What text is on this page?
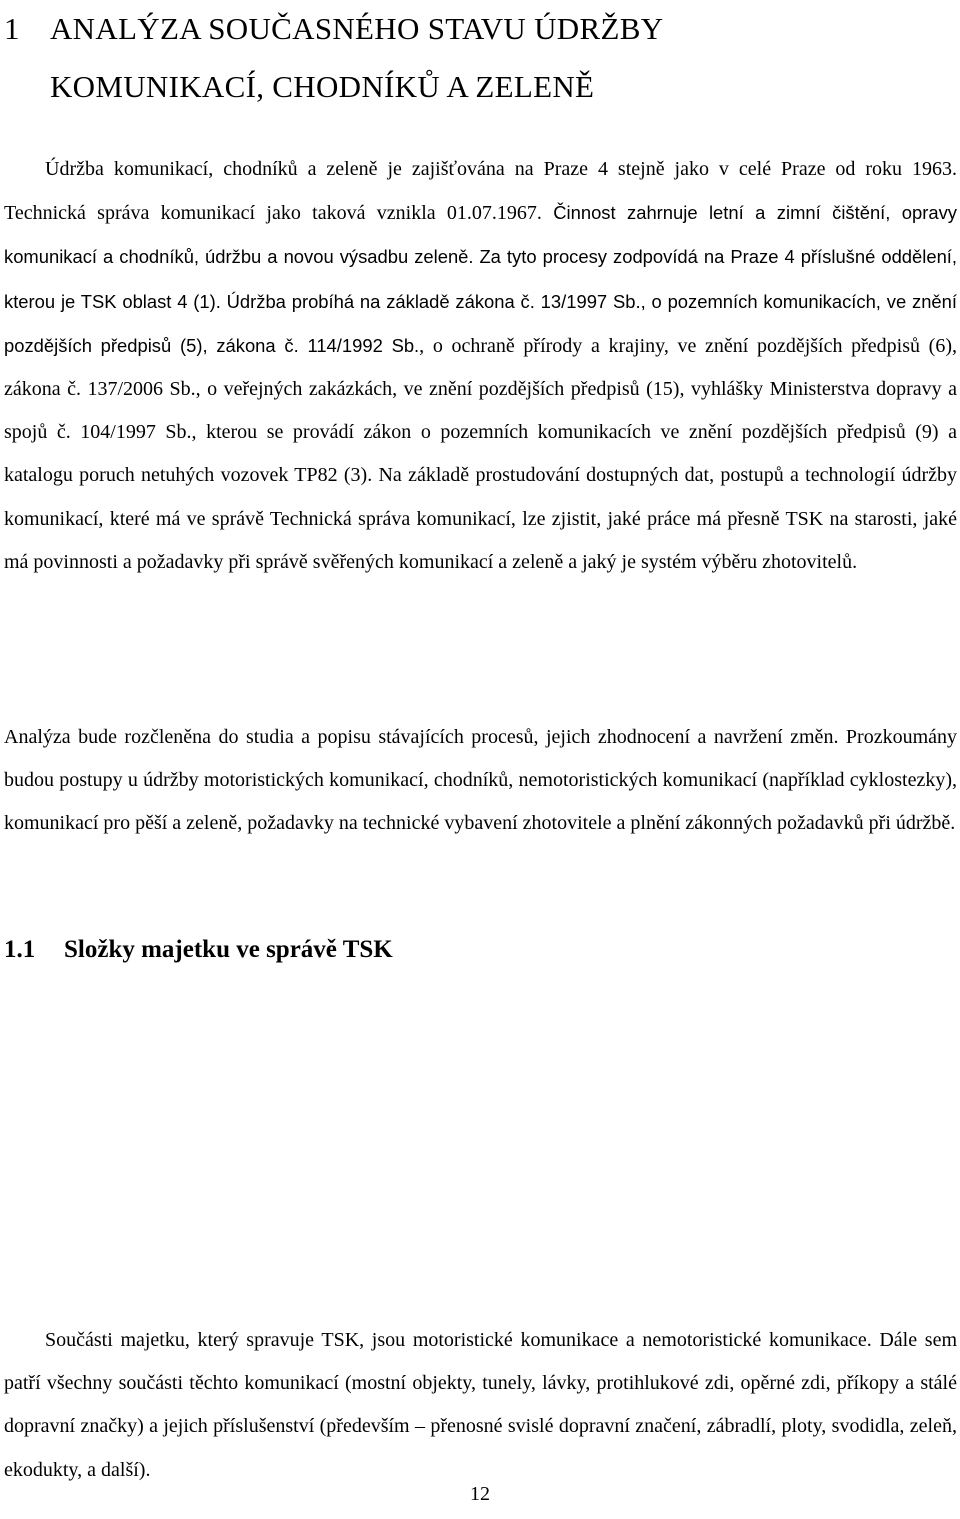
1 ANALÝZA SOUČASNÉHO STAVU ÚDRŽBY
KOMUNIKACÍ, CHODNÍKŮ A ZELENĚ

Údržba komunikací, chodníků a zeleně je zajišťována na Praze 4 stejně jako v celé Praze od roku 1963. Technická správa komunikací jako taková vznikla 01.07.1967. Činnost zahrnuje letní a zimní čištění, opravy komunikací a chodníků, údržbu a novou výsadbu zeleně. Za tyto procesy zodpovídá na Praze 4 příslušné oddělení, kterou je TSK oblast 4 (1). Údržba probíhá na základě zákona č. 13/1997 Sb., o pozemních komunikacích, ve znění pozdějších předpisů (5), zákona č. 114/1992 Sb., o ochraně přírody a krajiny, ve znění pozdějších předpisů (6), zákona č. 137/2006 Sb., o veřejných zakázkách, ve znění pozdějších předpisů (15), vyhlášky Ministerstva dopravy a spojů č. 104/1997 Sb., kterou se provádí zákon o pozemních komunikacích ve znění pozdějších předpisů (9) a katalogu poruch netuhých vozovek TP82 (3). Na základě prostudování dostupných dat, postupů a technologií údržby komunikací, které má ve správě Technická správa komunikací, lze zjistit, jaké práce má přesně TSK na starosti, jaké má povinnosti a požadavky při správě svěřených komunikací a zeleně a jaký je systém výběru zhotovitelů.

Analýza bude rozčleněna do studia a popisu stávajících procesů, jejich zhodnocení a navržení změn. Prozkoumány budou postupy u údržby motoristických komunikací, chodníků, nemotoristických komunikací (například cyklostezky), komunikací pro pěší a zeleně, požadavky na technické vybavení zhotovitele a plnění zákonných požadavků při údržbě.

1.1 Složky majetku ve správě TSK

Součásti majetku, který spravuje TSK, jsou motoristické komunikace a nemotoristické komunikace. Dále sem patří všechny součásti těchto komunikací (mostní objekty, tunely, lávky, protihlukové zdi, opěrné zdi, příkopy a stálé dopravní značky) a jejich příslušenství (především – přenosné svislé dopravní značení, zábradlí, ploty, svodidla, zeleň, ekodukty, a další).

12
